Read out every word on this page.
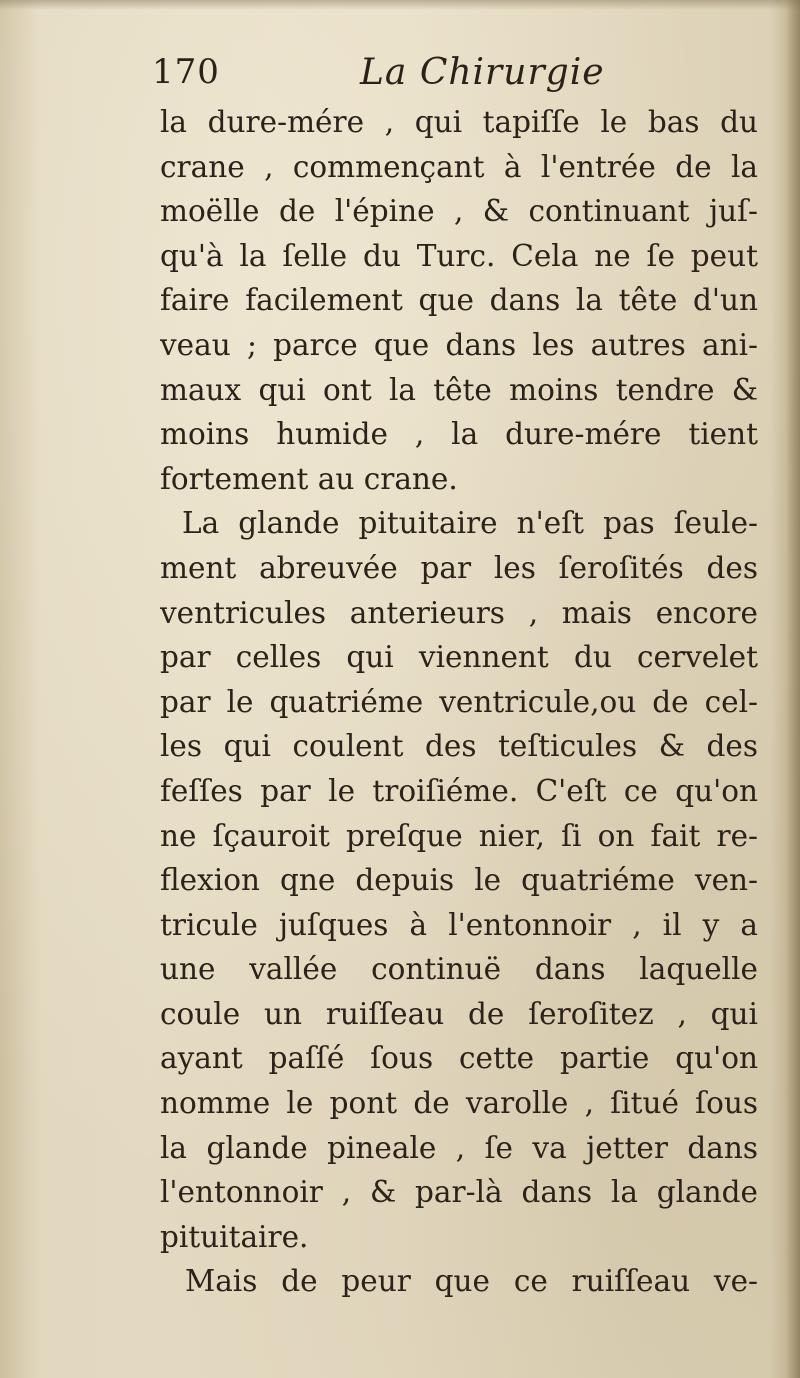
170	La Chirurgie
la dure-mére , qui tapiſſe le bas du
crane , commençant à l'entrée de la
moëlle de l'épine , & continuant juſ-
qu'à la ſelle du Turc. Cela ne ſe peut
faire facilement que dans la tête d'un
veau ; parce que dans les autres ani-
maux qui ont la tête moins tendre &
moins humide , la dure-mére tient
fortement au crane.
La glande pituitaire n'eſt pas ſeule-
ment abreuvée par les ſeroſités des
ventricules anterieurs , mais encore
par celles qui viennent du cervelet
par le quatriéme ventricule,ou de cel-
les qui coulent des teſticules & des
feſſes par le troiſiéme. C'eſt ce qu'on
ne ſçauroit preſque nier, ſi on fait re-
flexion qne depuis le quatriéme ven-
tricule juſques à l'entonnoir , il y a
une vallée continuë dans laquelle
coule un ruiſſeau de ſeroſitez , qui
ayant paſſé ſous cette partie qu'on
nomme le pont de varolle , ſitué ſous
la glande pineale , ſe va jetter dans
l'entonnoir , & par-là dans la glande
pituitaire.
Mais de peur que ce ruiſſeau ve-
